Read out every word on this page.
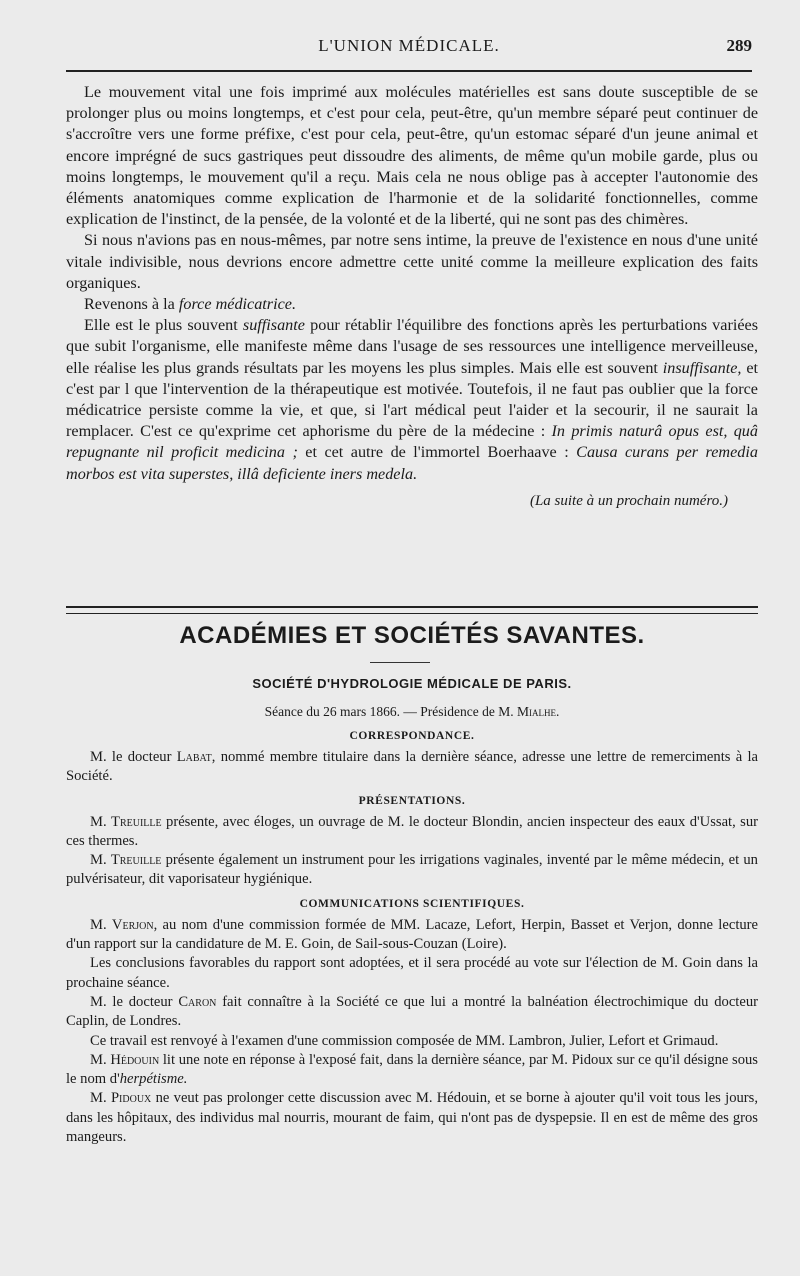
L'UNION MÉDICALE.	289

Le mouvement vital une fois imprimé aux molécules matérielles est sans doute susceptible de se prolonger plus ou moins longtemps, et c'est pour cela, peut-être, qu'un membre séparé peut continuer de s'accroître vers une forme préfixe, c'est pour cela, peut-être, qu'un estomac séparé d'un jeune animal et encore imprégné de sucs gastriques peut dissoudre des aliments, de même qu'un mobile garde, plus ou moins longtemps, le mouvement qu'il a reçu. Mais cela ne nous oblige pas à accepter l'autonomie des éléments anatomiques comme explication de l'harmonie et de la solidarité fonctionnelles, comme explication de l'instinct, de la pensée, de la volonté et de la liberté, qui ne sont pas des chimères.

Si nous n'avions pas en nous-mêmes, par notre sens intime, la preuve de l'existence en nous d'une unité vitale indivisible, nous devrions encore admettre cette unité comme la meilleure explication des faits organiques.

Revenons à la force médicatrice.

Elle est le plus souvent suffisante pour rétablir l'équilibre des fonctions après les perturbations variées que subit l'organisme, elle manifeste même dans l'usage de ses ressources une intelligence merveilleuse, elle réalise les plus grands résultats par les moyens les plus simples. Mais elle est souvent insuffisante, et c'est par l que l'intervention de la thérapeutique est motivée. Toutefois, il ne faut pas oublier que la force médicatrice persiste comme la vie, et que, si l'art médical peut l'aider et la secourir, il ne saurait la remplacer. C'est ce qu'exprime cet aphorisme du père de la médecine : In primis naturâ opus est, quâ repugnante nil proficit medicina ; et cet autre de l'immortel Boerhaave : Causa curans per remedia morbos est vita superstes, illâ deficiente iners medela.

(La suite à un prochain numéro.)

ACADÉMIES ET SOCIÉTÉS SAVANTES.
SOCIÉTÉ D'HYDROLOGIE MÉDICALE DE PARIS.

Séance du 26 mars 1866. — Présidence de M. Mialhe.

CORRESPONDANCE.

M. le docteur Labat, nommé membre titulaire dans la dernière séance, adresse une lettre de remerciments à la Société.

PRÉSENTATIONS.

M. Treuille présente, avec éloges, un ouvrage de M. le docteur Blondin, ancien inspecteur des eaux d'Ussat, sur ces thermes.

M. Treuille présente également un instrument pour les irrigations vaginales, inventé par le même médecin, et un pulvérisateur, dit vaporisateur hygiénique.

COMMUNICATIONS SCIENTIFIQUES.

M. Verjon, au nom d'une commission formée de MM. Lacaze, Lefort, Herpin, Basset et Verjon, donne lecture d'un rapport sur la candidature de M. E. Goin, de Sail-sous-Couzan (Loire).

Les conclusions favorables du rapport sont adoptées, et il sera procédé au vote sur l'élection de M. Goin dans la prochaine séance.

M. le docteur Caron fait connaître à la Société ce que lui a montré la balnéation électrochimique du docteur Caplin, de Londres.

Ce travail est renvoyé à l'examen d'une commission composée de MM. Lambron, Julier, Lefort et Grimaud.

M. Hédouin lit une note en réponse à l'exposé fait, dans la dernière séance, par M. Pidoux sur ce qu'il désigne sous le nom d'herpétisme.

M. Pidoux ne veut pas prolonger cette discussion avec M. Hédouin, et se borne à ajouter qu'il voit tous les jours, dans les hôpitaux, des individus mal nourris, mourant de faim, qui n'ont pas de dyspepsie. Il en est de même des gros mangeurs.
